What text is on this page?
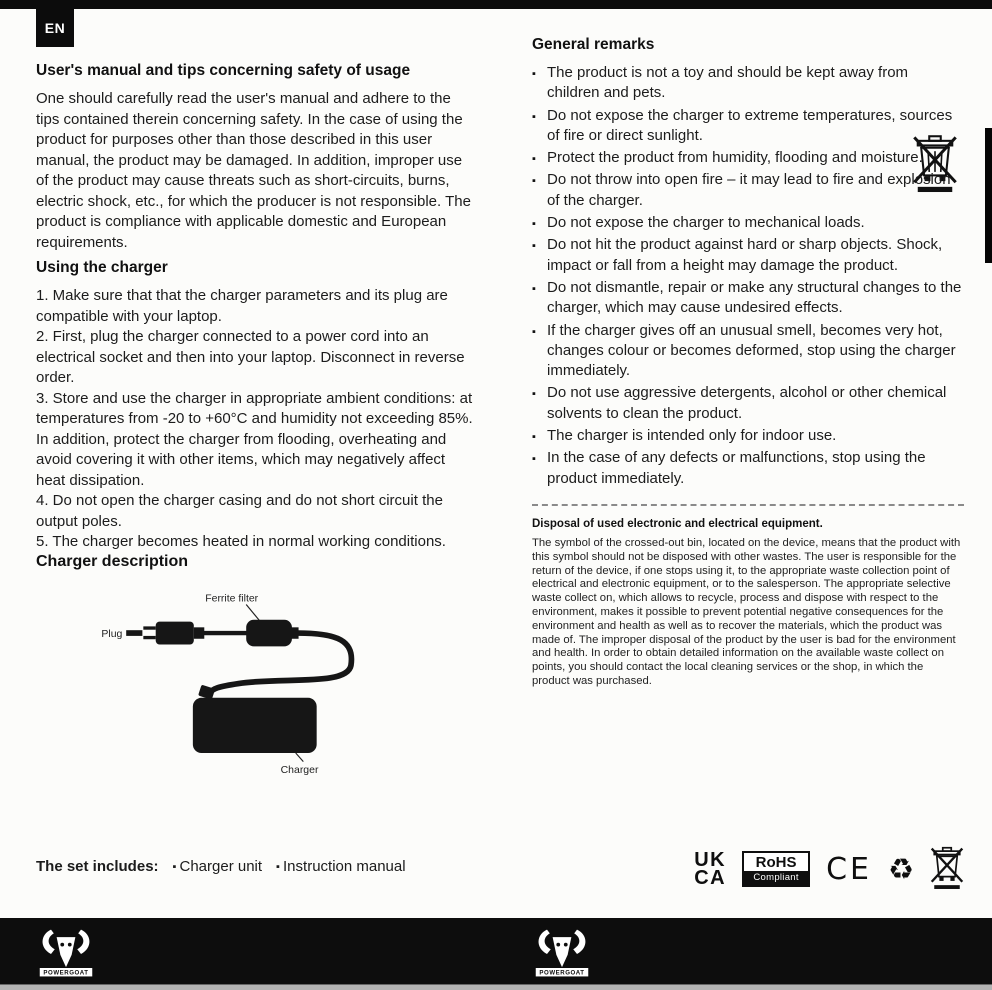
EN
User's manual and tips concerning safety of usage

One should carefully read the user's manual and adhere to the tips contained therein concerning safety. In the case of using the product for purposes other than those described in this user manual, the product may be damaged. In addition, improper use of the product may cause threats such as short-circuits, burns, electric shock, etc., for which the producer is not responsible. The product is compliance with applicable domestic and European requirements.

Using the charger

1. Make sure that that the charger parameters and its plug are compatible with your laptop.

2. First, plug the charger connected to a power cord into an electrical socket and then into your laptop. Disconnect in reverse order.

3. Store and use the charger in appropriate ambient conditions: at temperatures from -20 to +60°C and humidity not exceeding 85%. In addition, protect the charger from flooding, overheating and avoid covering it with other items, which may negatively affect heat dissipation.

4. Do not open the charger casing and do not short circuit the output poles.

5. The charger becomes heated in normal working conditions.

Charger description
Ferrite filter
Plug
Charger
General remarks
▪ The product is not a toy and should be kept away from children and pets.
▪ Do not expose the charger to extreme temperatures, sources of fire or direct sunlight.
▪ Protect the product from humidity, flooding and moisture.
▪ Do not throw into open fire – it may lead to fire and explosion of the charger.
▪ Do not expose the charger to mechanical loads.
▪ Do not hit the product against hard or sharp objects. Shock, impact or fall from a height may damage the product.
▪ Do not dismantle, repair or make any structural changes to the charger, which may cause undesired effects.
▪ If the charger gives off an unusual smell, becomes very hot, changes colour or becomes deformed, stop using the charger immediately.
▪ Do not use aggressive detergents, alcohol or other chemical solvents to clean the product.
▪ The charger is intended only for indoor use.
▪ In the case of any defects or malfunctions, stop using the product immediately.
Disposal of used electronic and electrical equipment.

The symbol of the crossed-out bin, located on the device, means that the product with this symbol should not be disposed with other wastes. The user is responsible for the return of the device, if one stops using it, to the appropriate waste collection point of electrical and electronic equipment, or to the salesperson. The appropriate selective waste collect on, which allows to recycle, process and dispose with respect to the environment, makes it possible to prevent potential negative consequences for the environment and health as well as to recover the materials, which the product was made of. The improper disposal of the product by the user is bad for the environment and health. In order to obtain detailed information on the available waste collect on points, you should contact the local cleaning services or the shop, in which the product was purchased.

The set includes:	▪ Charger unit	▪ Instruction manual	UK
CA
RoHS
Compliant CE ♻
POWERGOAT	POWERGOAT
